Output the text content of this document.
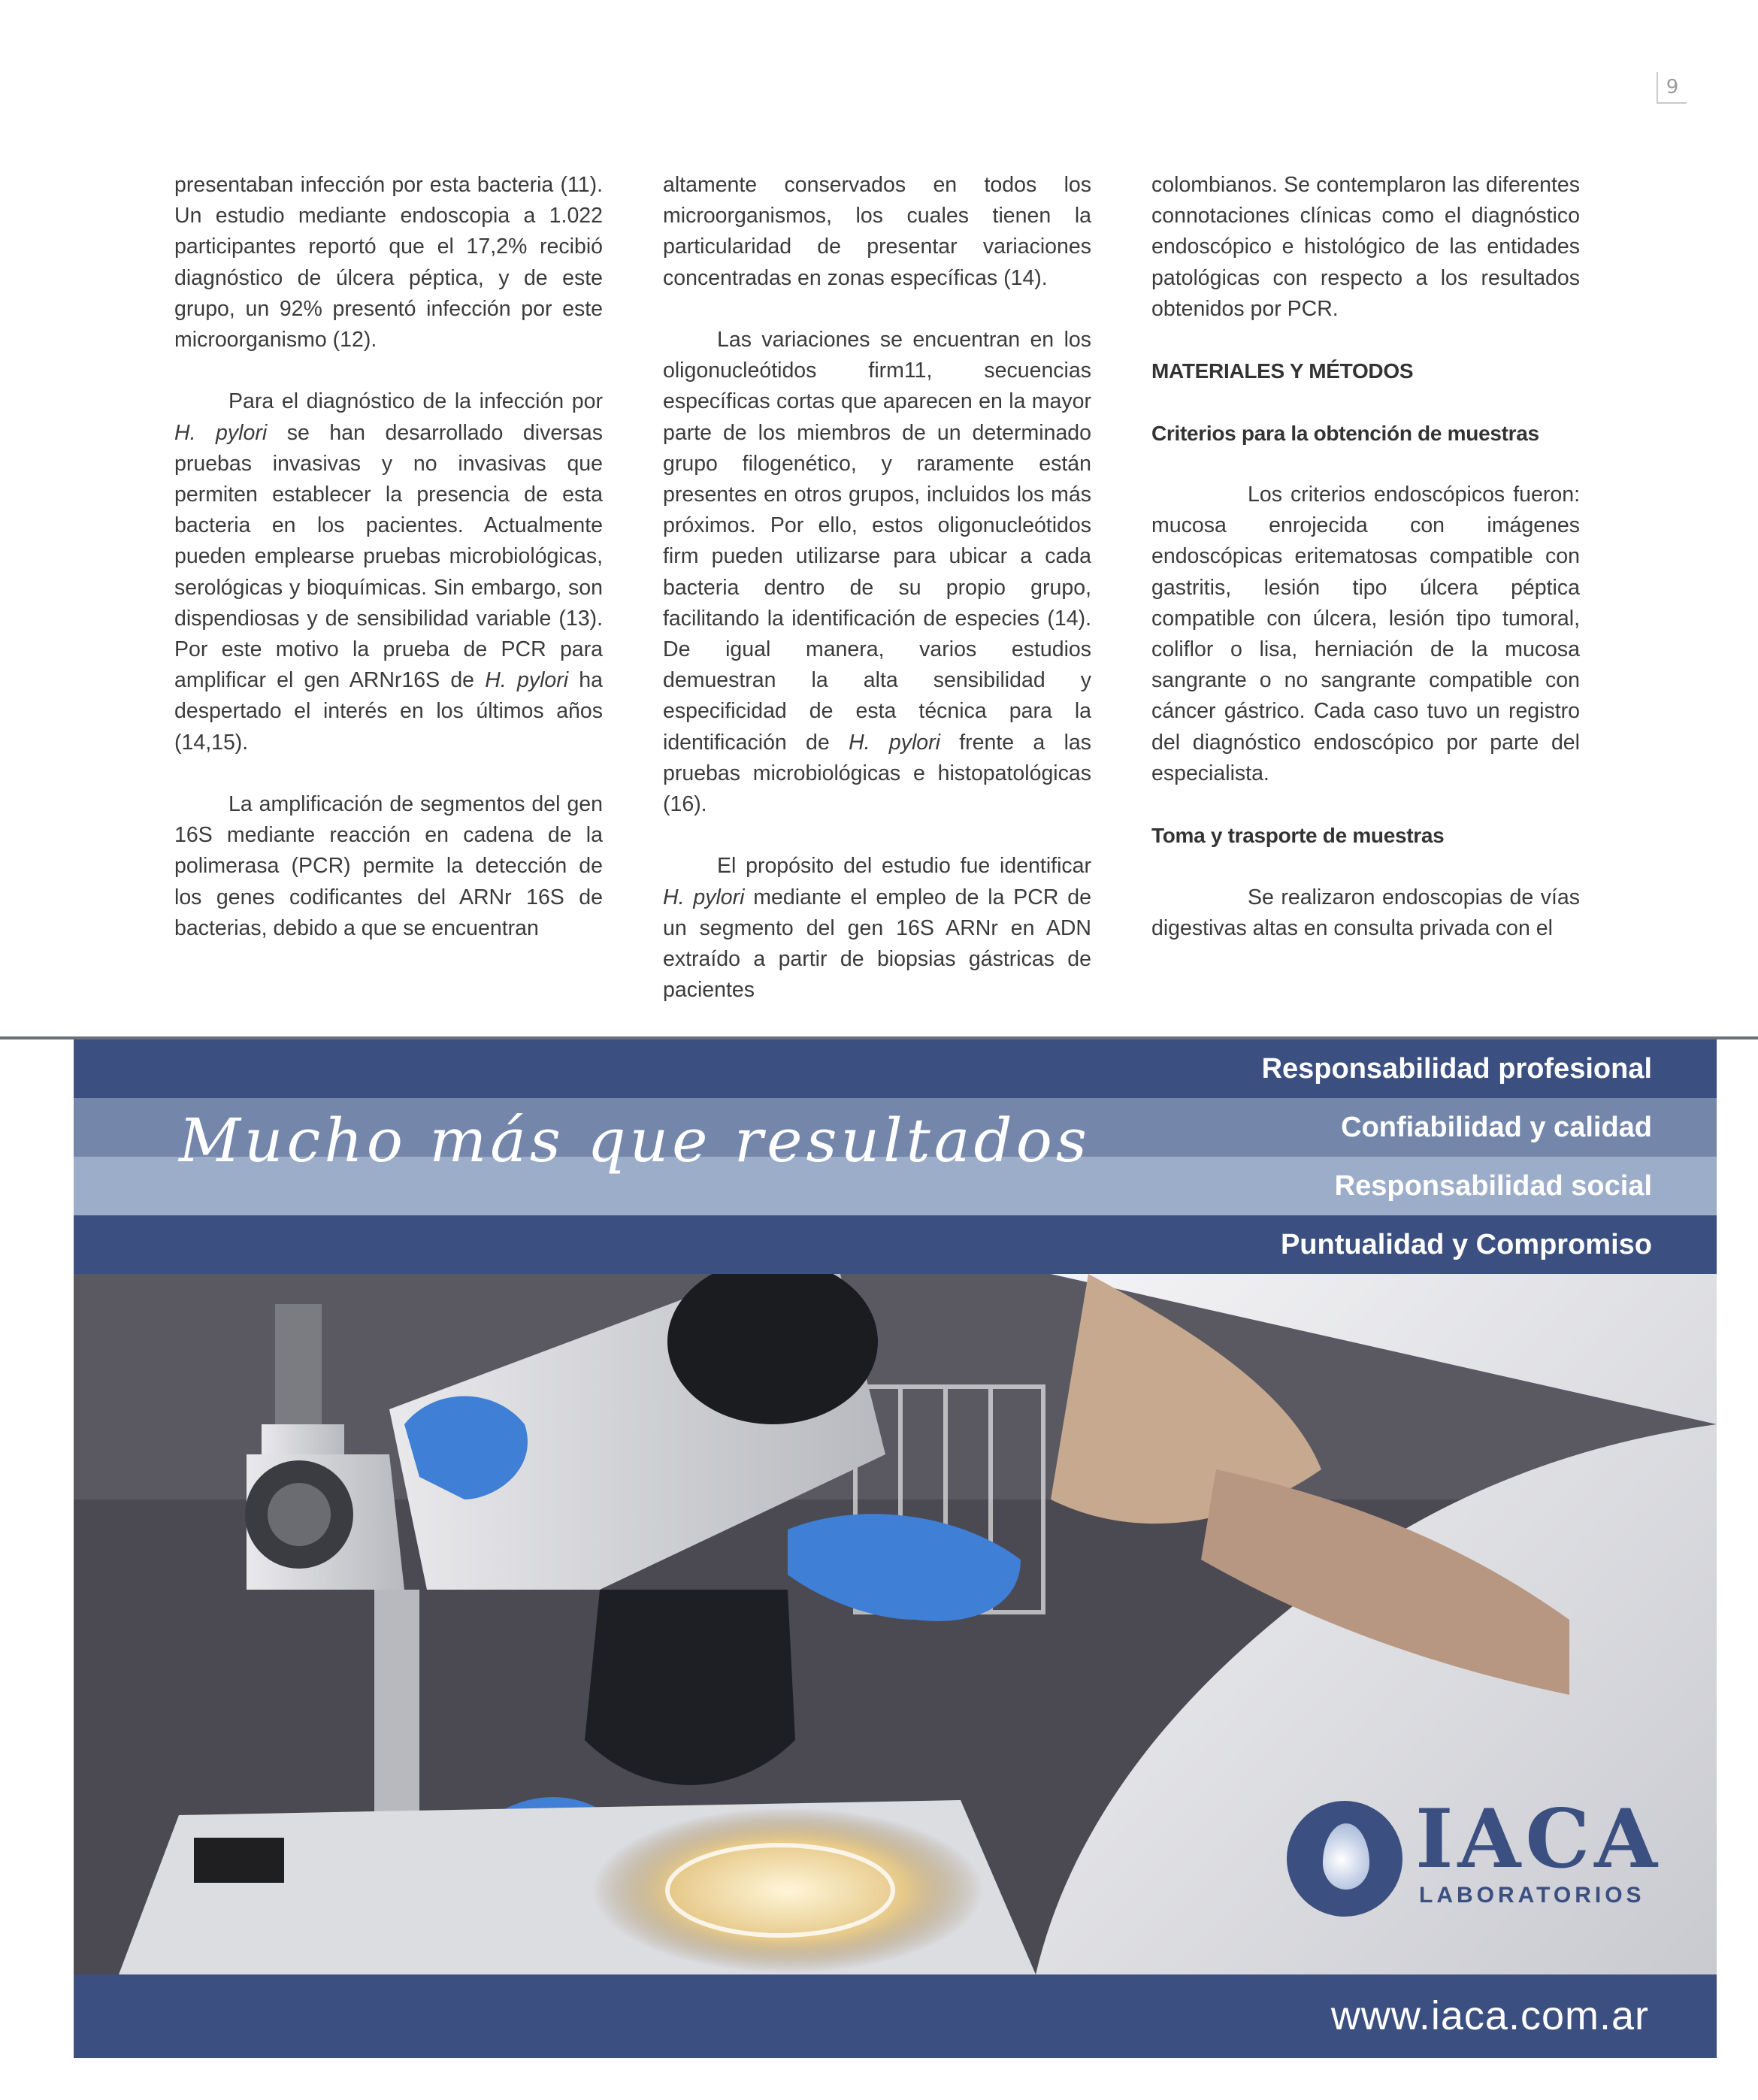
9

presentaban infección por esta bacteria (11). Un estudio mediante endoscopia a 1.022 participantes reportó que el 17,2% recibió diagnóstico de úlcera péptica, y de este grupo, un 92% presentó infección por este microorganismo (12).

Para el diagnóstico de la infección por H. pylori se han desarrollado diversas pruebas invasivas y no invasivas que permiten establecer la presencia de esta bacteria en los pacientes. Actualmente pueden emplearse pruebas microbiológicas, serológicas y bioquímicas. Sin embargo, son dispendiosas y de sensibilidad variable (13). Por este motivo la prueba de PCR para amplificar el gen ARNr16S de H. pylori ha despertado el interés en los últimos años (14,15).

La amplificación de segmentos del gen 16S mediante reacción en cadena de la polimerasa (PCR) permite la detección de los genes codificantes del ARNr 16S de bacterias, debido a que se encuentran

altamente conservados en todos los microorganismos, los cuales tienen la particularidad de presentar variaciones concentradas en zonas específicas (14).

Las variaciones se encuentran en los oligonucleótidos firm11, secuencias específicas cortas que aparecen en la mayor parte de los miembros de un determinado grupo filogenético, y raramente están presentes en otros grupos, incluidos los más próximos. Por ello, estos oligonucleótidos firm pueden utilizarse para ubicar a cada bacteria dentro de su propio grupo, facilitando la identificación de especies (14). De igual manera, varios estudios demuestran la alta sensibilidad y especificidad de esta técnica para la identificación de H. pylori frente a las pruebas microbiológicas e histopatológicas (16).

El propósito del estudio fue identificar H. pylori mediante el empleo de la PCR de un segmento del gen 16S ARNr en ADN extraído a partir de biopsias gástricas de pacientes

colombianos. Se contemplaron las diferentes connotaciones clínicas como el diagnóstico endoscópico e histológico de las entidades patológicas con respecto a los resultados obtenidos por PCR.

MATERIALES Y MÉTODOS
Criterios para la obtención de muestras

Los criterios endoscópicos fueron: mucosa enrojecida con imágenes endoscópicas eritematosas compatible con gastritis, lesión tipo úlcera péptica compatible con úlcera, lesión tipo tumoral, coliflor o lisa, herniación de la mucosa sangrante o no sangrante compatible con cáncer gástrico. Cada caso tuvo un registro del diagnóstico endoscópico por parte del especialista.

Toma y trasporte de muestras

Se realizaron endoscopias de vías digestivas altas en consulta privada con el

Responsabilidad profesional
Confiabilidad y calidad
Responsabilidad social
Puntualidad y Compromiso
Mucho más que resultados
IACA
LABORATORIOS
www.iaca.com.ar
